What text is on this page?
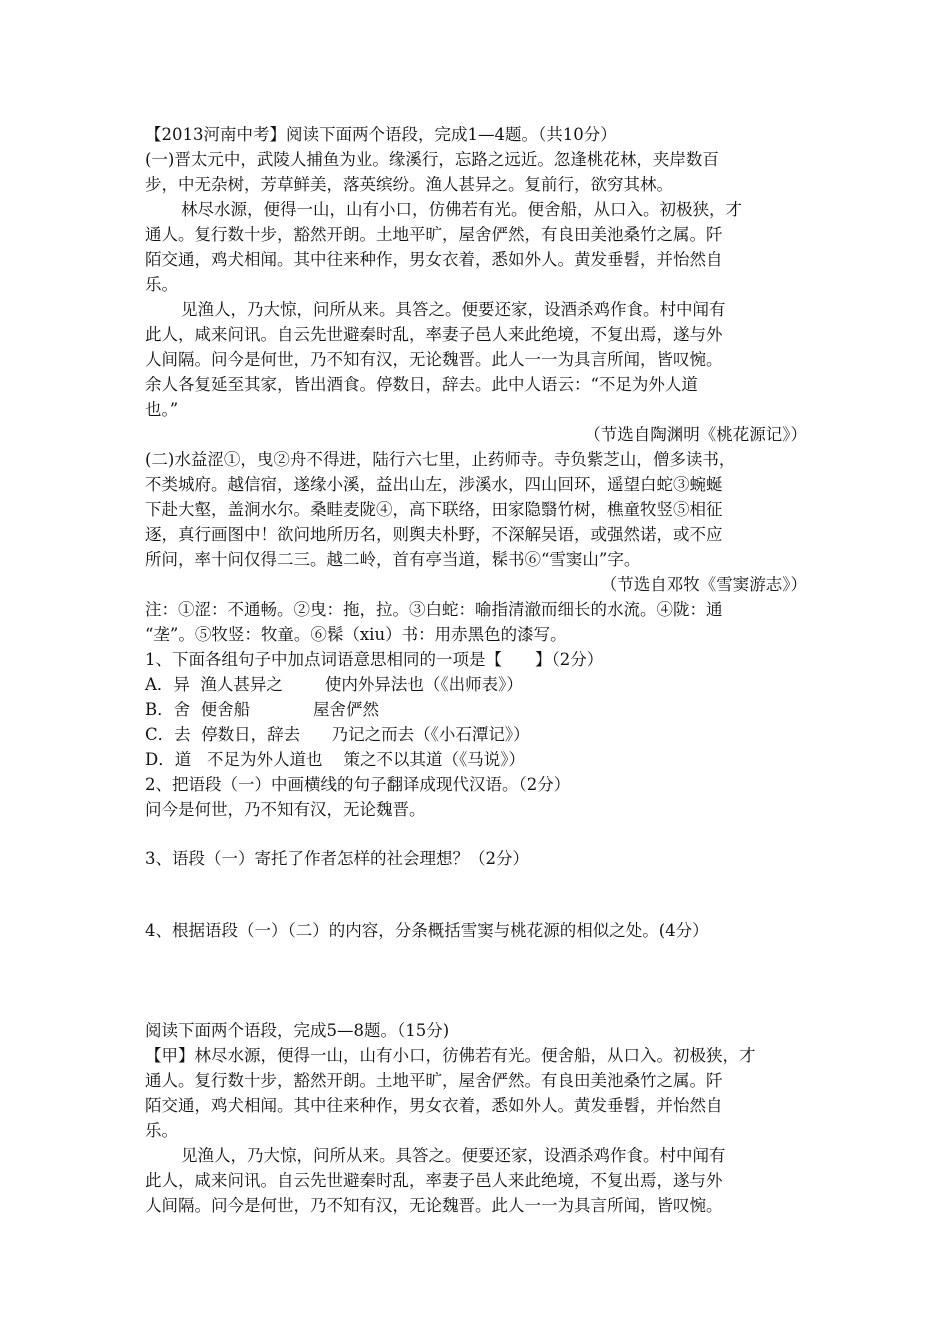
【2013河南中考】阅读下面两个语段，完成1—4题。（共10分）
(一)晋太元中，武陵人捕鱼为业。缘溪行，忘路之远近。忽逢桃花林，夹岸数百
步，中无杂树，芳草鲜美，落英缤纷。渔人甚异之。复前行，欲穷其林。
林尽水源，便得一山，山有小口，仿佛若有光。便舍船，从口入。初极狭，才
通人。复行数十步，豁然开朗。土地平旷，屋舍俨然，有良田美池桑竹之属。阡
陌交通，鸡犬相闻。其中往来种作，男女衣着，悉如外人。黄发垂髫，并怡然自
乐。
见渔人，乃大惊，问所从来。具答之。便要还家，设酒杀鸡作食。村中闻有
此人，咸来问讯。自云先世避秦时乱，率妻子邑人来此绝境，不复出焉，遂与外
人间隔。问今是何世，乃不知有汉，无论魏晋。此人一一为具言所闻，皆叹惋。
余人各复延至其家，皆出酒食。停数日，辞去。此中人语云：“不足为外人道
也。”
（节选自陶渊明《桃花源记》）
(二)水益涩①，曳②舟不得进，陆行六七里，止药师寺。寺负紫芝山，僧多读书，
不类城府。越信宿，遂缘小溪，益出山左，涉溪水，四山回环，遥望白蛇③蜿蜒
下赴大壑，盖涧水尔。桑畦麦陇④，高下联络，田家隐翳竹树，樵童牧竖⑤相征
逐，真行画图中！欲问地所历名，则舆夫朴野，不深解吴语，或强然诺，或不应
所问，率十问仅得二三。越二岭，首有亭当道，髹书⑥“雪窦山”字。
（节选自邓牧《雪窦游志》）
注：①涩：不通畅。②曳：拖，拉。③白蛇：喻指清澈而细长的水流。④陇：通
“垄”。⑤牧竖：牧童。⑥髹（xiu）书：用赤黑色的漆写。
1、下面各组句子中加点词语意思相同的一项是【　　】（2分）
A．异  渔人甚异之        使内外异法也（《出师表》）
B．舍  便舍船            屋舍俨然
C．去  停数日，辞去      乃记之而去（《小石潭记》）
D．道   不足为外人道也    策之不以其道（《马说》）
2、把语段（一）中画横线的句子翻译成现代汉语。（2分）
问今是何世，乃不知有汉，无论魏晋。
3、语段（一）寄托了作者怎样的社会理想？（2分）
4、根据语段（一）（二）的内容，分条概括雪窦与桃花源的相似之处。(4分）
阅读下面两个语段，完成5—8题。（15分)
【甲】林尽水源，便得一山，山有小口，彷佛若有光。便舍船，从口入。初极狭，才
通人。复行数十步，豁然开朗。土地平旷，屋舍俨然。有良田美池桑竹之属。阡
陌交通，鸡犬相闻。其中往来种作，男女衣着，悉如外人。黄发垂髫，并怡然自
乐。
见渔人，乃大惊，问所从来。具答之。便要还家，设酒杀鸡作食。村中闻有
此人，咸来问讯。自云先世避秦时乱，率妻子邑人来此绝境，不复出焉，遂与外
人间隔。问今是何世，乃不知有汉，无论魏晋。此人一一为具言所闻，皆叹惋。
